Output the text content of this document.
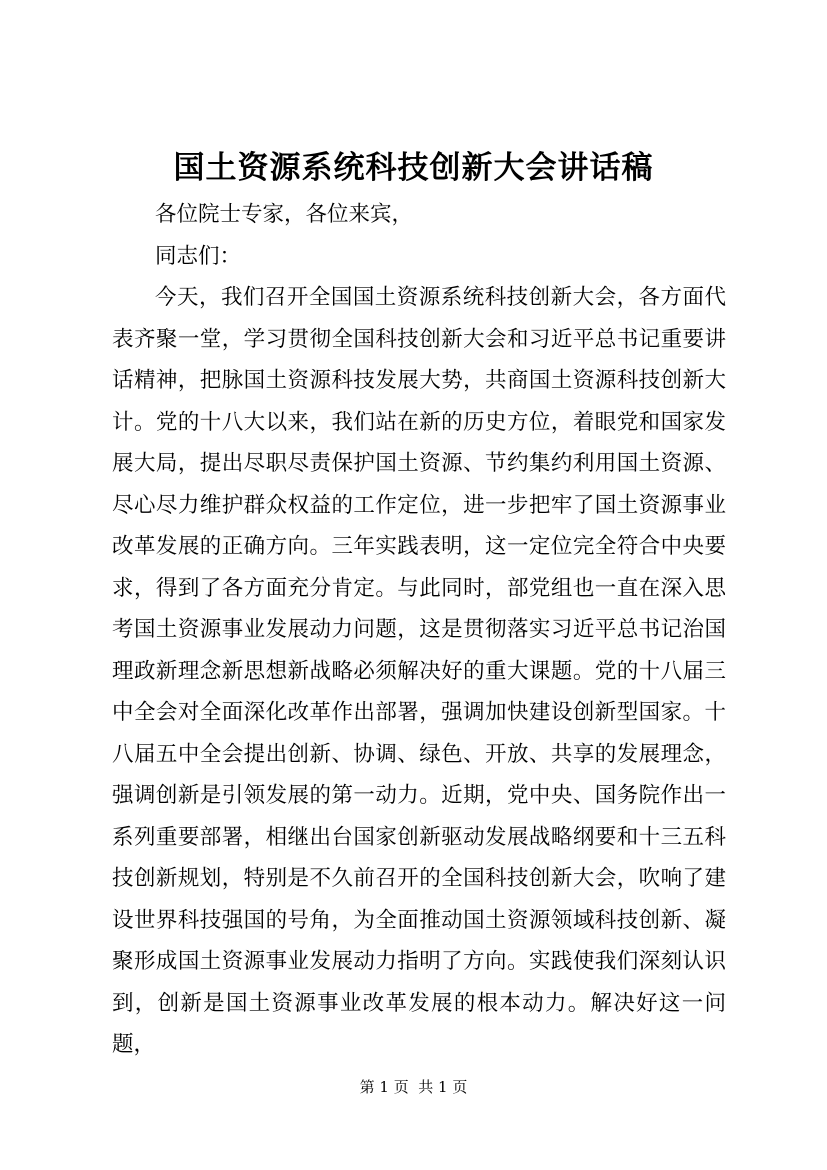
国土资源系统科技创新大会讲话稿

各位院士专家，各位来宾，

同志们：

今天，我们召开全国国土资源系统科技创新大会，各方面代表齐聚一堂，学习贯彻全国科技创新大会和习近平总书记重要讲话精神，把脉国土资源科技发展大势，共商国土资源科技创新大计。党的十八大以来，我们站在新的历史方位，着眼党和国家发展大局，提出尽职尽责保护国土资源、节约集约利用国土资源、尽心尽力维护群众权益的工作定位，进一步把牢了国土资源事业改革发展的正确方向。三年实践表明，这一定位完全符合中央要求，得到了各方面充分肯定。与此同时，部党组也一直在深入思考国土资源事业发展动力问题，这是贯彻落实习近平总书记治国理政新理念新思想新战略必须解决好的重大课题。党的十八届三中全会对全面深化改革作出部署，强调加快建设创新型国家。十八届五中全会提出创新、协调、绿色、开放、共享的发展理念，强调创新是引领发展的第一动力。近期，党中央、国务院作出一系列重要部署，相继出台国家创新驱动发展战略纲要和十三五科技创新规划，特别是不久前召开的全国科技创新大会，吹响了建设世界科技强国的号角，为全面推动国土资源领域科技创新、凝聚形成国土资源事业发展动力指明了方向。实践使我们深刻认识到，创新是国土资源事业改革发展的根本动力。解决好这一问题，

第 1 页  共 1 页
